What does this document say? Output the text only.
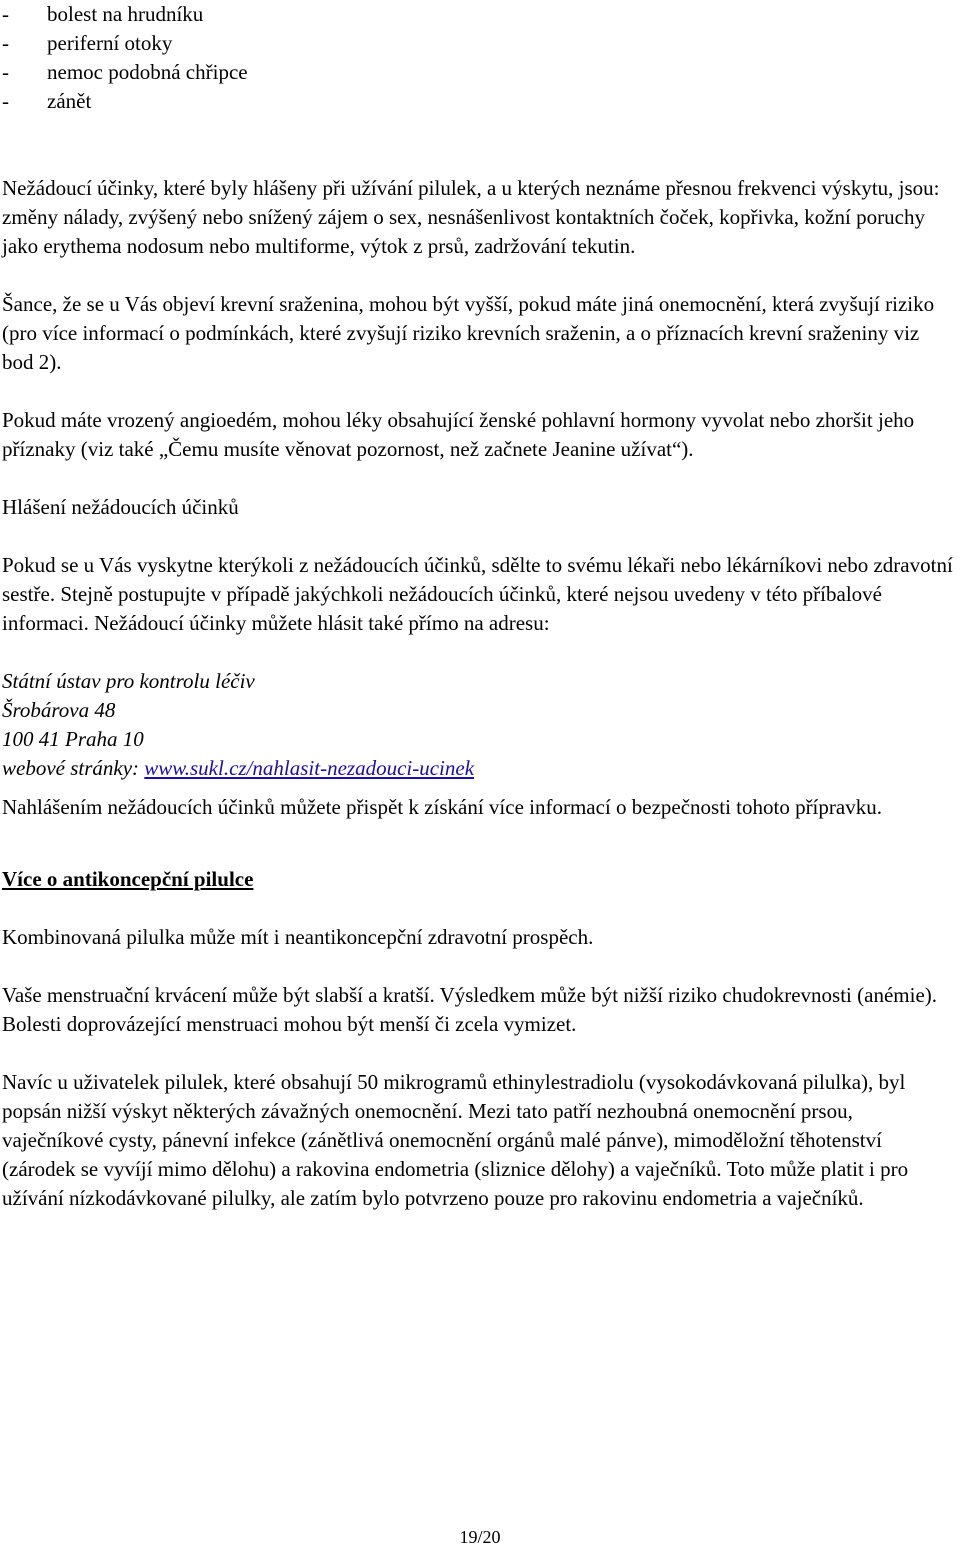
- bolest na hrudníku
- periferní otoky
- nemoc podobná chřipce
- zánět

Nežádoucí účinky, které byly hlášeny při užívání pilulek, a u kterých neznáme přesnou frekvenci výskytu, jsou: změny nálady, zvýšený nebo snížený zájem o sex, nesnášenlivost kontaktních čoček, kopřivka, kožní poruchy jako erythema nodosum nebo multiforme, výtok z prsů, zadržování tekutin.

Šance, že se u Vás objeví krevní sraženina, mohou být vyšší, pokud máte jiná onemocnění, která zvyšují riziko (pro více informací o podmínkách, které zvyšují riziko krevních sraženin, a o příznacích krevní sraženiny viz bod 2).

Pokud máte vrozený angioedém, mohou léky obsahující ženské pohlavní hormony vyvolat nebo zhoršit jeho příznaky (viz také „Čemu musíte věnovat pozornost, než začnete Jeanine užívat“).

Hlášení nežádoucích účinků

Pokud se u Vás vyskytne kterýkoli z nežádoucích účinků, sdělte to svému lékaři nebo lékárníkovi nebo zdravotní sestře. Stejně postupujte v případě jakýchkoli nežádoucích účinků, které nejsou uvedeny v této příbalové informaci. Nežádoucí účinky můžete hlásit také přímo na adresu:

Státní ústav pro kontrolu léčiv
Šrobárova 48
100 41 Praha 10
webové stránky: www.sukl.cz/nahlasit-nezadouci-ucinek

Nahlášením nežádoucích účinků můžete přispět k získání více informací o bezpečnosti tohoto přípravku.

Více o antikoncepční pilulce

Kombinovaná pilulka může mít i neantikoncepční zdravotní prospěch.

Vaše menstruační krvácení může být slabší a kratší. Výsledkem může být nižší riziko chudokrevnosti (anémie). Bolesti doprovázející menstruaci mohou být menší či zcela vymizet.

Navíc u uživatelek pilulek, které obsahují 50 mikrogramů ethinylestradiolu (vysokodávkovaná pilulka), byl popsán nižší výskyt některých závažných onemocnění. Mezi tato patří nezhoubná onemocnění prsou, vaječníkové cysty, pánevní infekce (zánětlivá onemocnění orgánů malé pánve), mimoděložní těhotenství (zárodek se vyvíjí mimo dělohu) a rakovina endometria (sliznice dělohy) a vaječníků. Toto může platit i pro užívání nízkodávkované pilulky, ale zatím bylo potvrzeno pouze pro rakovinu endometria a vaječníků.

19/20
